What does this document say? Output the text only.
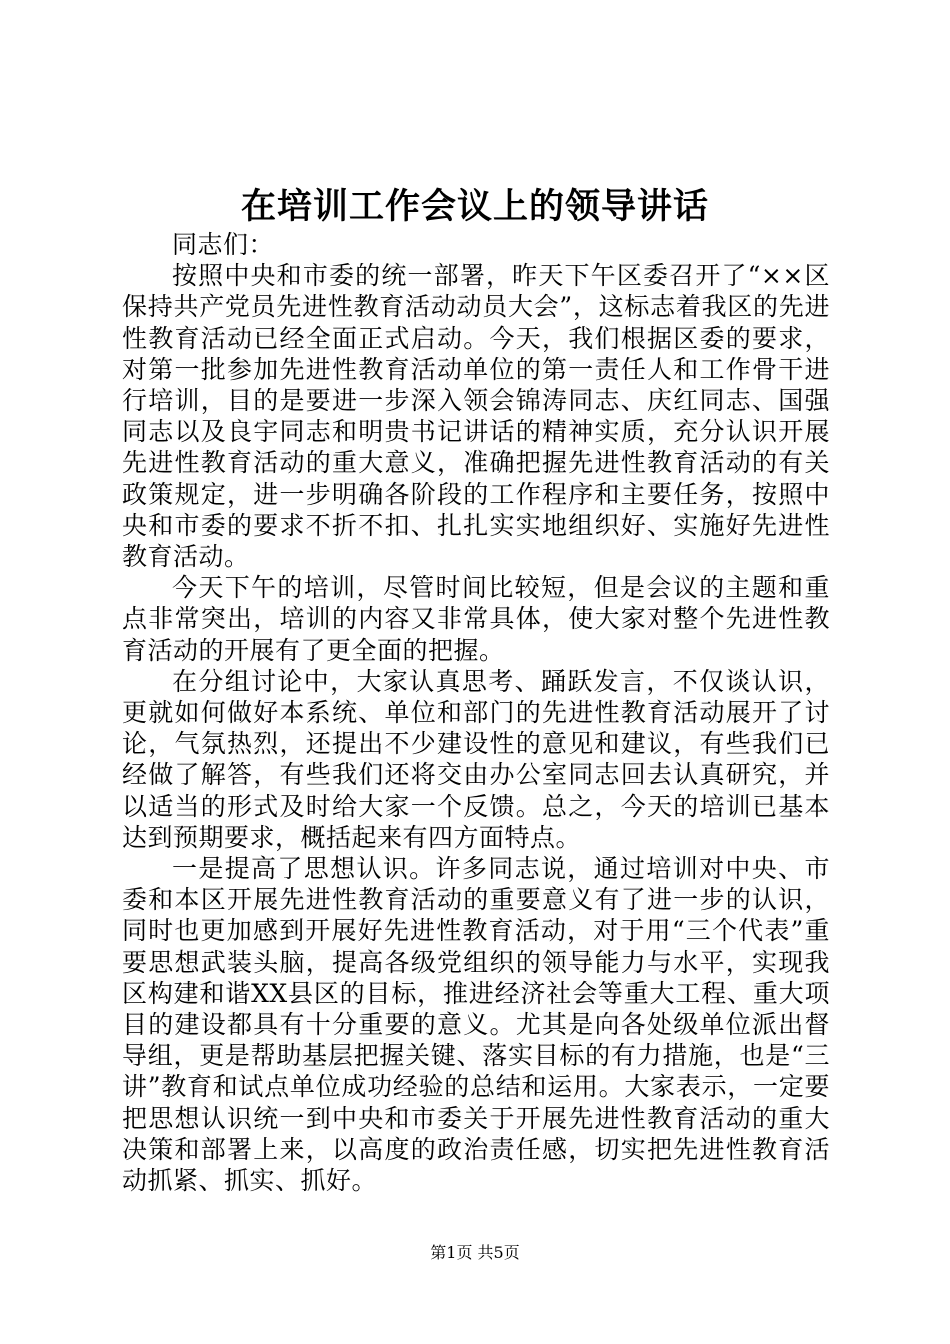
在培训工作会议上的领导讲话

同志们：

按照中央和市委的统一部署，昨天下午区委召开了“××区保持共产党员先进性教育活动动员大会”，这标志着我区的先进性教育活动已经全面正式启动。今天，我们根据区委的要求，对第一批参加先进性教育活动单位的第一责任人和工作骨干进行培训，目的是要进一步深入领会锦涛同志、庆红同志、国强同志以及良宇同志和明贵书记讲话的精神实质，充分认识开展先进性教育活动的重大意义，准确把握先进性教育活动的有关政策规定，进一步明确各阶段的工作程序和主要任务，按照中央和市委的要求不折不扣、扎扎实实地组织好、实施好先进性教育活动。

今天下午的培训，尽管时间比较短，但是会议的主题和重点非常突出，培训的内容又非常具体，使大家对整个先进性教育活动的开展有了更全面的把握。

在分组讨论中，大家认真思考、踊跃发言，不仅谈认识，更就如何做好本系统、单位和部门的先进性教育活动展开了讨论，气氛热烈，还提出不少建设性的意见和建议，有些我们已经做了解答，有些我们还将交由办公室同志回去认真研究，并以适当的形式及时给大家一个反馈。总之，今天的培训已基本达到预期要求，概括起来有四方面特点。

一是提高了思想认识。许多同志说，通过培训对中央、市委和本区开展先进性教育活动的重要意义有了进一步的认识，同时也更加感到开展好先进性教育活动，对于用“三个代表”重要思想武装头脑，提高各级党组织的领导能力与水平，实现我区构建和谐XX县区的目标，推进经济社会等重大工程、重大项目的建设都具有十分重要的意义。尤其是向各处级单位派出督导组，更是帮助基层把握关键、落实目标的有力措施，也是“三讲”教育和试点单位成功经验的总结和运用。大家表示，一定要把思想认识统一到中央和市委关于开展先进性教育活动的重大决策和部署上来，以高度的政治责任感，切实把先进性教育活动抓紧、抓实、抓好。

第1页 共5页
